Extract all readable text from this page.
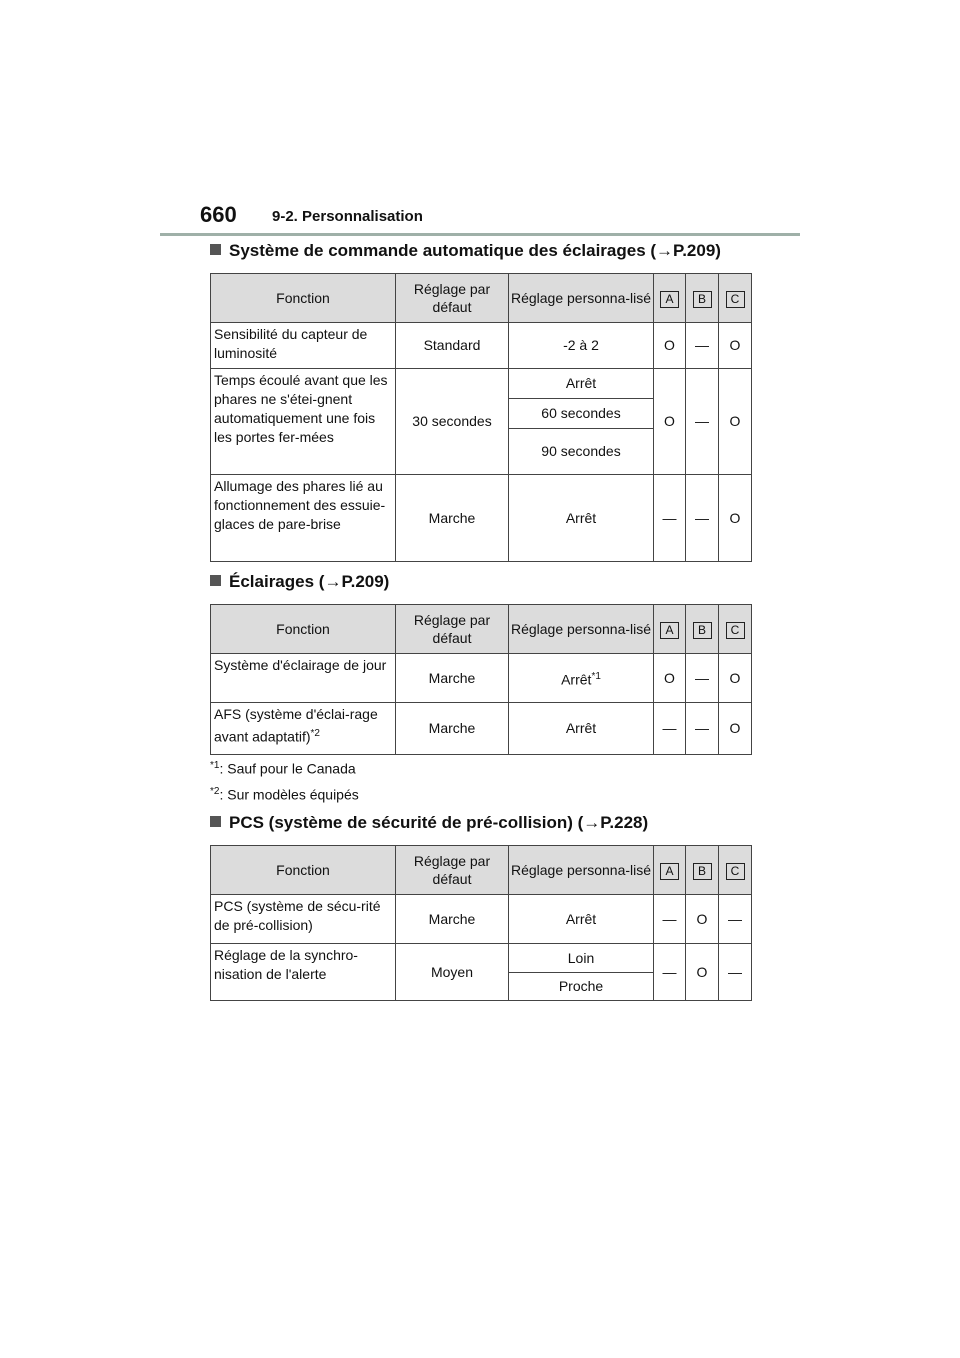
660 9-2. Personnalisation
Système de commande automatique des éclairages (→P.209)
Fonction	Réglage par défaut	Réglage personna-lisé	A	B	C
Sensibilité du capteur de luminosité	Standard	-2 à 2	O	—	O
Temps écoulé avant que les phares ne s'étei-gnent automatiquement une fois les portes fer-mées	30 secondes	Arrêt	O	—	O
		60 secondes			
		90 secondes			
Allumage des phares lié au fonctionnement des essuie-glaces de pare-brise	Marche	Arrêt	—	—	O
Éclairages (→P.209)
Fonction	Réglage par défaut	Réglage personna-lisé	A	B	C
Système d'éclairage de jour	Marche	Arrêt$^{*1}$	O	—	O
AFS (système d'éclai-rage avant adaptatif)$^{*2}$	Marche	Arrêt	—	—	O
$^{*1}$: Sauf pour le Canada
$^{*2}$: Sur modèles équipés
PCS (système de sécurité de pré-collision) (→P.228)
Fonction	Réglage par défaut	Réglage personna-lisé	A	B	C
PCS (système de sécu-rité de pré-collision)	Marche	Arrêt	—	O	—
Réglage de la synchro-nisation de l'alerte	Moyen	Loin	—	O	—
		Proche			
